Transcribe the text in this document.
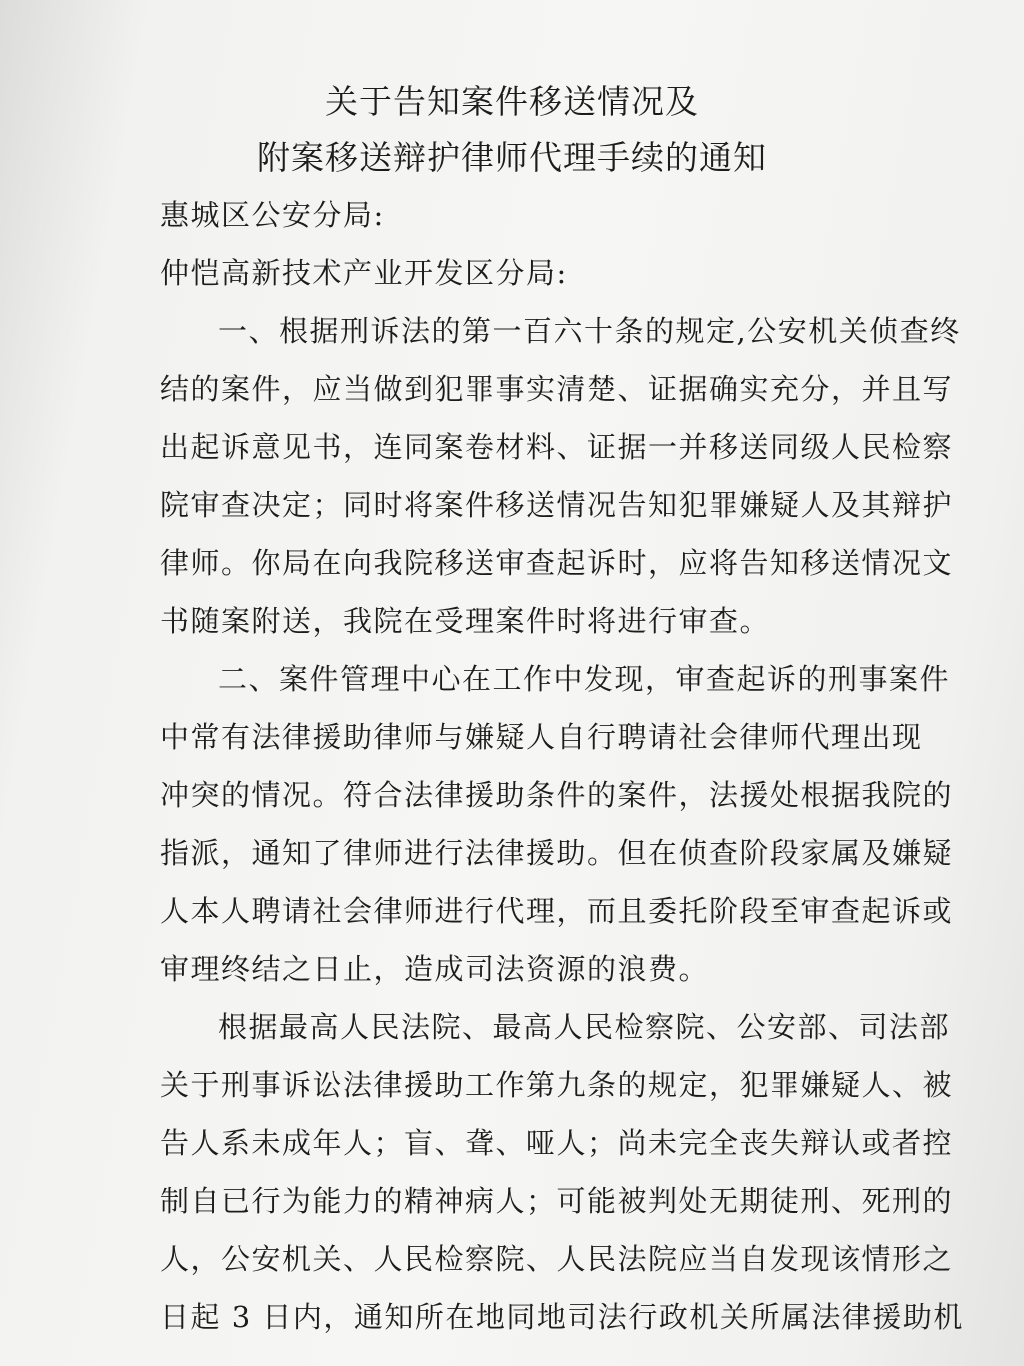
关于告知案件移送情况及
附案移送辩护律师代理手续的通知
惠城区公安分局:
仲恺高新技术产业开发区分局:
一、根据刑诉法的第一百六十条的规定,公安机关侦查终
结的案件，应当做到犯罪事实清楚、证据确实充分，并且写
出起诉意见书，连同案卷材料、证据一并移送同级人民检察
院审查决定；同时将案件移送情况告知犯罪嫌疑人及其辩护
律师。你局在向我院移送审查起诉时，应将告知移送情况文
书随案附送，我院在受理案件时将进行审查。
二、案件管理中心在工作中发现，审查起诉的刑事案件
中常有法律援助律师与嫌疑人自行聘请社会律师代理出现
冲突的情况。符合法律援助条件的案件，法援处根据我院的
指派，通知了律师进行法律援助。但在侦查阶段家属及嫌疑
人本人聘请社会律师进行代理，而且委托阶段至审查起诉或
审理终结之日止，造成司法资源的浪费。
根据最高人民法院、最高人民检察院、公安部、司法部
关于刑事诉讼法律援助工作第九条的规定，犯罪嫌疑人、被
告人系未成年人；盲、聋、哑人；尚未完全丧失辩认或者控
制自已行为能力的精神病人；可能被判处无期徒刑、死刑的
人，公安机关、人民检察院、人民法院应当自发现该情形之
日起 3 日内，通知所在地同地司法行政机关所属法律援助机
